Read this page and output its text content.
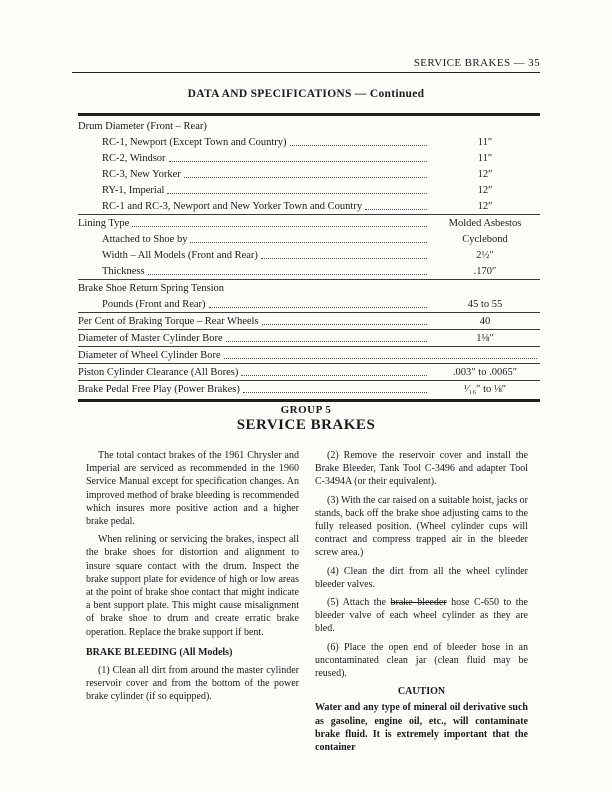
SERVICE BRAKES — 35
DATA AND SPECIFICATIONS — Continued
Drum Diameter (Front – Rear)
RC-1, Newport (Except Town and Country)	11″
RC-2, Windsor	11″
RC-3, New Yorker	12″
RY-1, Imperial	12″
RC-1 and RC-3, Newport and New Yorker Town and Country	12″
Lining Type	Molded Asbestos
Attached to Shoe by	Cyclebond
Width – All Models (Front and Rear)	2½″
Thickness	.170″
Brake Shoe Return Spring Tension
Pounds (Front and Rear)	45 to 55
Per Cent of Braking Torque – Rear Wheels	40
Diameter of Master Cylinder Bore	1⅛″
Diameter of Wheel Cylinder Bore
Piston Cylinder Clearance (All Bores)	.003″ to .0065″
Brake Pedal Free Play (Power Brakes)	¹⁄₁₆″ to ⅛″
GROUP 5
SERVICE BRAKES

The total contact brakes of the 1961 Chrysler and Imperial are serviced as recommended in the 1960 Service Manual except for specification changes. An improved method of brake bleeding is recommended which insures more positive action and a higher brake pedal.

When relining or servicing the brakes, inspect all the brake shoes for distortion and alignment to insure square contact with the drum. Inspect the brake support plate for evidence of high or low areas at the point of brake shoe contact that might indicate a bent support plate. This might cause misalignment of brake shoe to drum and create erratic brake operation. Replace the brake support if bent.

BRAKE BLEEDING (All Models)

(1) Clean all dirt from around the master cylinder reservoir cover and from the bottom of the power brake cylinder (if so equipped).

(2) Remove the reservoir cover and install the Brake Bleeder, Tank Tool C-3496 and adapter Tool C-3494A (or their equivalent).

(3) With the car raised on a suitable hoist, jacks or stands, back off the brake shoe adjusting cams to the fully released position. (Wheel cylinder cups will contract and compress trapped air in the bleeder screw area.)

(4) Clean the dirt from all the wheel cylinder bleeder valves.

(5) Attach the brake bleeder hose C-650 to the bleeder valve of each wheel cylinder as they are bled.

(6) Place the open end of bleeder hose in an uncontaminated clean jar (clean fluid may be reused).

CAUTION

Water and any type of mineral oil derivative such as gasoline, engine oil, etc., will contaminate brake fluid. It is extremely important that the container
